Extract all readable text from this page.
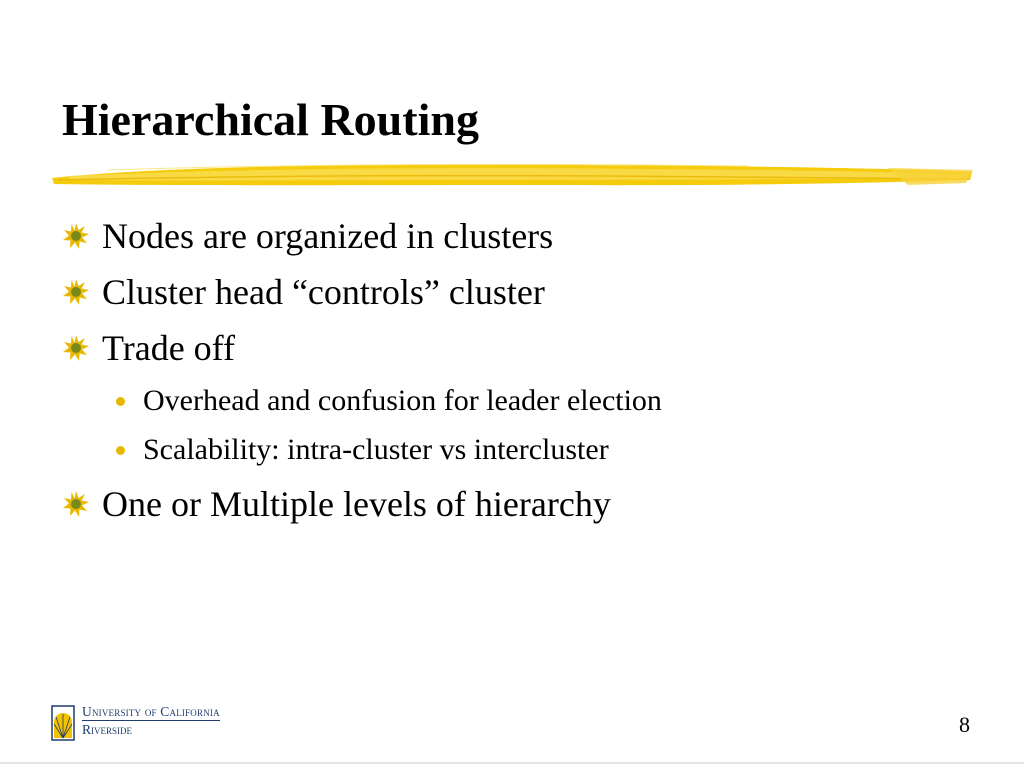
Hierarchical Routing
Nodes are organized in clusters
Cluster head “controls” cluster
Trade off
Overhead and confusion for leader election
Scalability: intra-cluster vs intercluster
One or Multiple levels of hierarchy
University of California
Riverside	8
